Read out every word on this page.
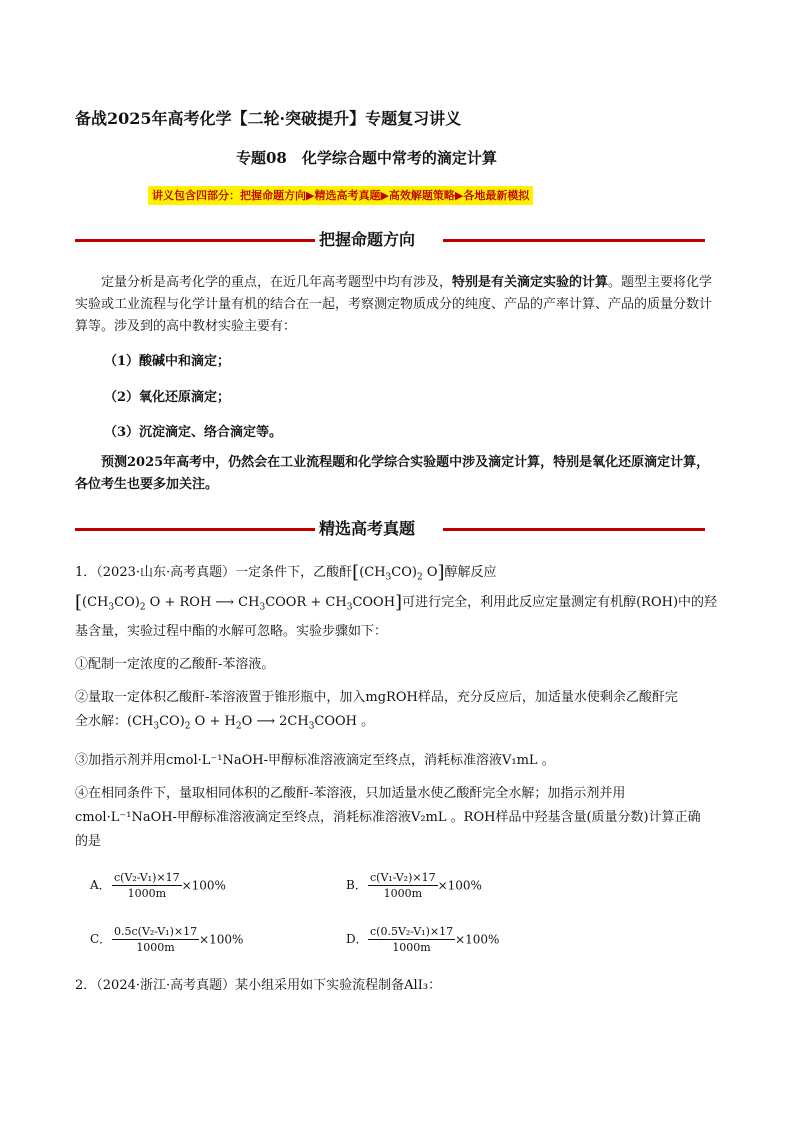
备战2025年高考化学【二轮·突破提升】专题复习讲义
专题08　化学综合题中常考的滴定计算
讲义包含四部分：把握命题方向▶精选高考真题▶高效解题策略▶各地最新模拟
把握命题方向
定量分析是高考化学的重点，在近几年高考题型中均有涉及，特别是有关滴定实验的计算。题型主要将化学实验或工业流程与化学计量有机的结合在一起，考察测定物质成分的纯度、产品的产率计算、产品的质量分数计算等。涉及到的高中教材实验主要有：
（1）酸碱中和滴定；
（2）氧化还原滴定；
（3）沉淀滴定、络合滴定等。
预测2025年高考中，仍然会在工业流程题和化学综合实验题中涉及滴定计算，特别是氧化还原滴定计算，各位考生也要多加关注。
精选高考真题
1．（2023·山东·高考真题）一定条件下，乙酸酐[$(CH_3CO)_2$ O]醇解反应
[$(CH_3CO)_2$ O + ROH ⟶ $CH_3COOR$ + $CH_3COOH$]可进行完全，利用此反应定量测定有机醇(ROH)中的羟
基含量，实验过程中酯的水解可忽略。实验步骤如下：
①配制一定浓度的乙酸酐-苯溶液。
②量取一定体积乙酸酐-苯溶液置于锥形瓶中，加入mgROH样品，充分反应后，加适量水使剩余乙酸酐完
全水解：$(CH_3CO)_2$ $O + H_2O$ ⟶ $2CH_3COOH$ 。
③加指示剂并用cmol·L⁻¹NaOH-甲醇标准溶液滴定至终点，消耗标准溶液V₁mL 。
④在相同条件下，量取相同体积的乙酸酐-苯溶液，只加适量水使乙酸酐完全水解；加指示剂并用
cmol·L⁻¹NaOH-甲醇标准溶液滴定至终点，消耗标准溶液V₂mL 。ROH样品中羟基含量(质量分数)计算正确
的是
A． $\frac{\text{c(V₂-V₁)×17}}{1000m} \times 100\%$	B． $\frac{\text{c(V₁-V₂)×17}}{1000m} \times 100\%$
C． $\frac{\text{0.5c(V₂-V₁)×17}}{1000m} \times 100\%$	D． $\frac{\text{c(0.5V₂-V₁)×17}}{1000m} \times 100\%$
2．（2024·浙江·高考真题）某小组采用如下实验流程制备AlI₃：
